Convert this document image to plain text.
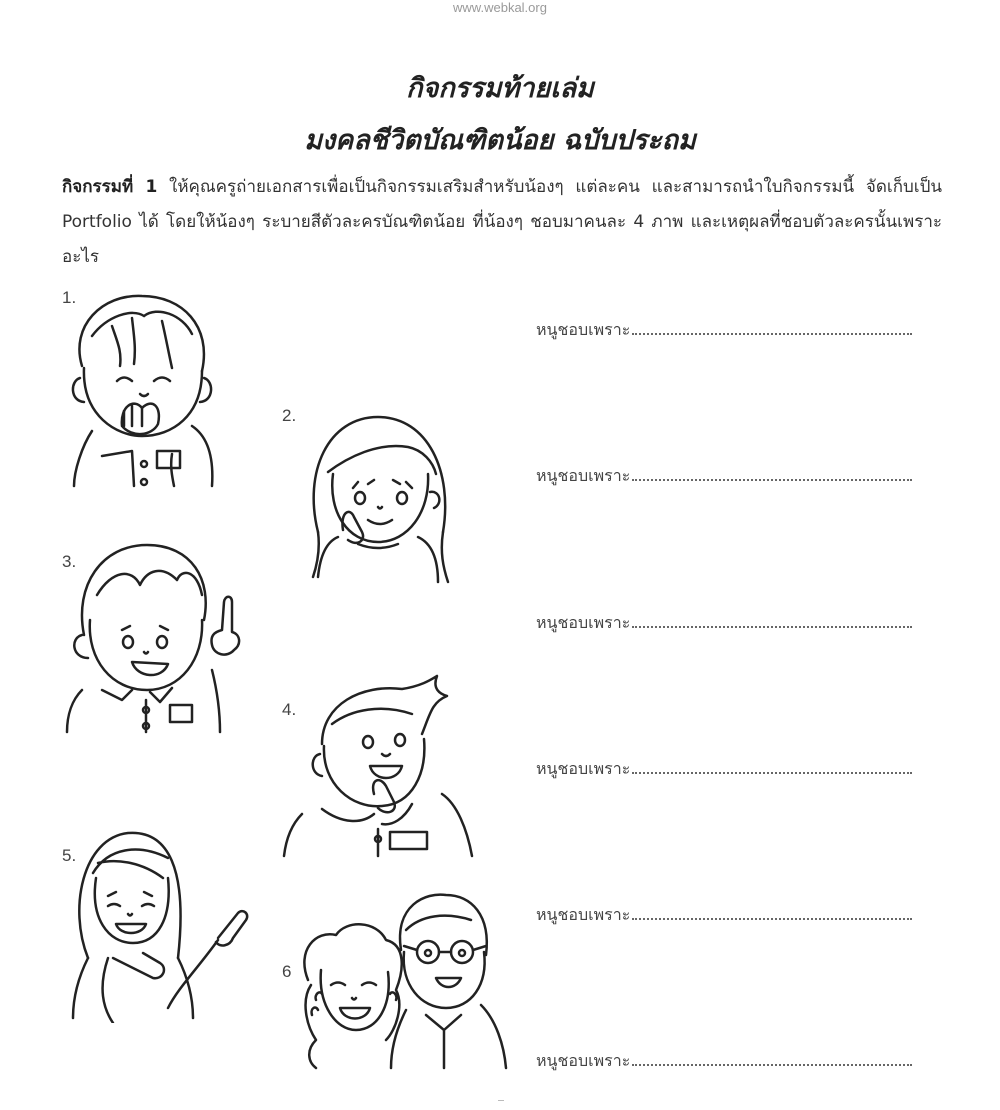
www.webkal.org
กิจกรรมท้ายเล่ม
มงคลชีวิตบัณฑิตน้อย ฉบับประถม

กิจกรรมที่ 1 ให้คุณครูถ่ายเอกสารเพื่อเป็นกิจกรรมเสริมสำหรับน้องๆ แต่ละคน และสามารถนำใบกิจกรรมนี้ จัดเก็บเป็น Portfolio ได้ โดยให้น้องๆ ระบายสีตัวละครบัณฑิตน้อย ที่น้องๆ ชอบมาคนละ 4 ภาพ และเหตุผลที่ชอบตัวละครนั้นเพราะอะไร

1.
2.
3.
4.
5.
6
หนูชอบเพราะ
หนูชอบเพราะ
หนูชอบเพราะ
หนูชอบเพราะ
หนูชอบเพราะ
หนูชอบเพราะ
